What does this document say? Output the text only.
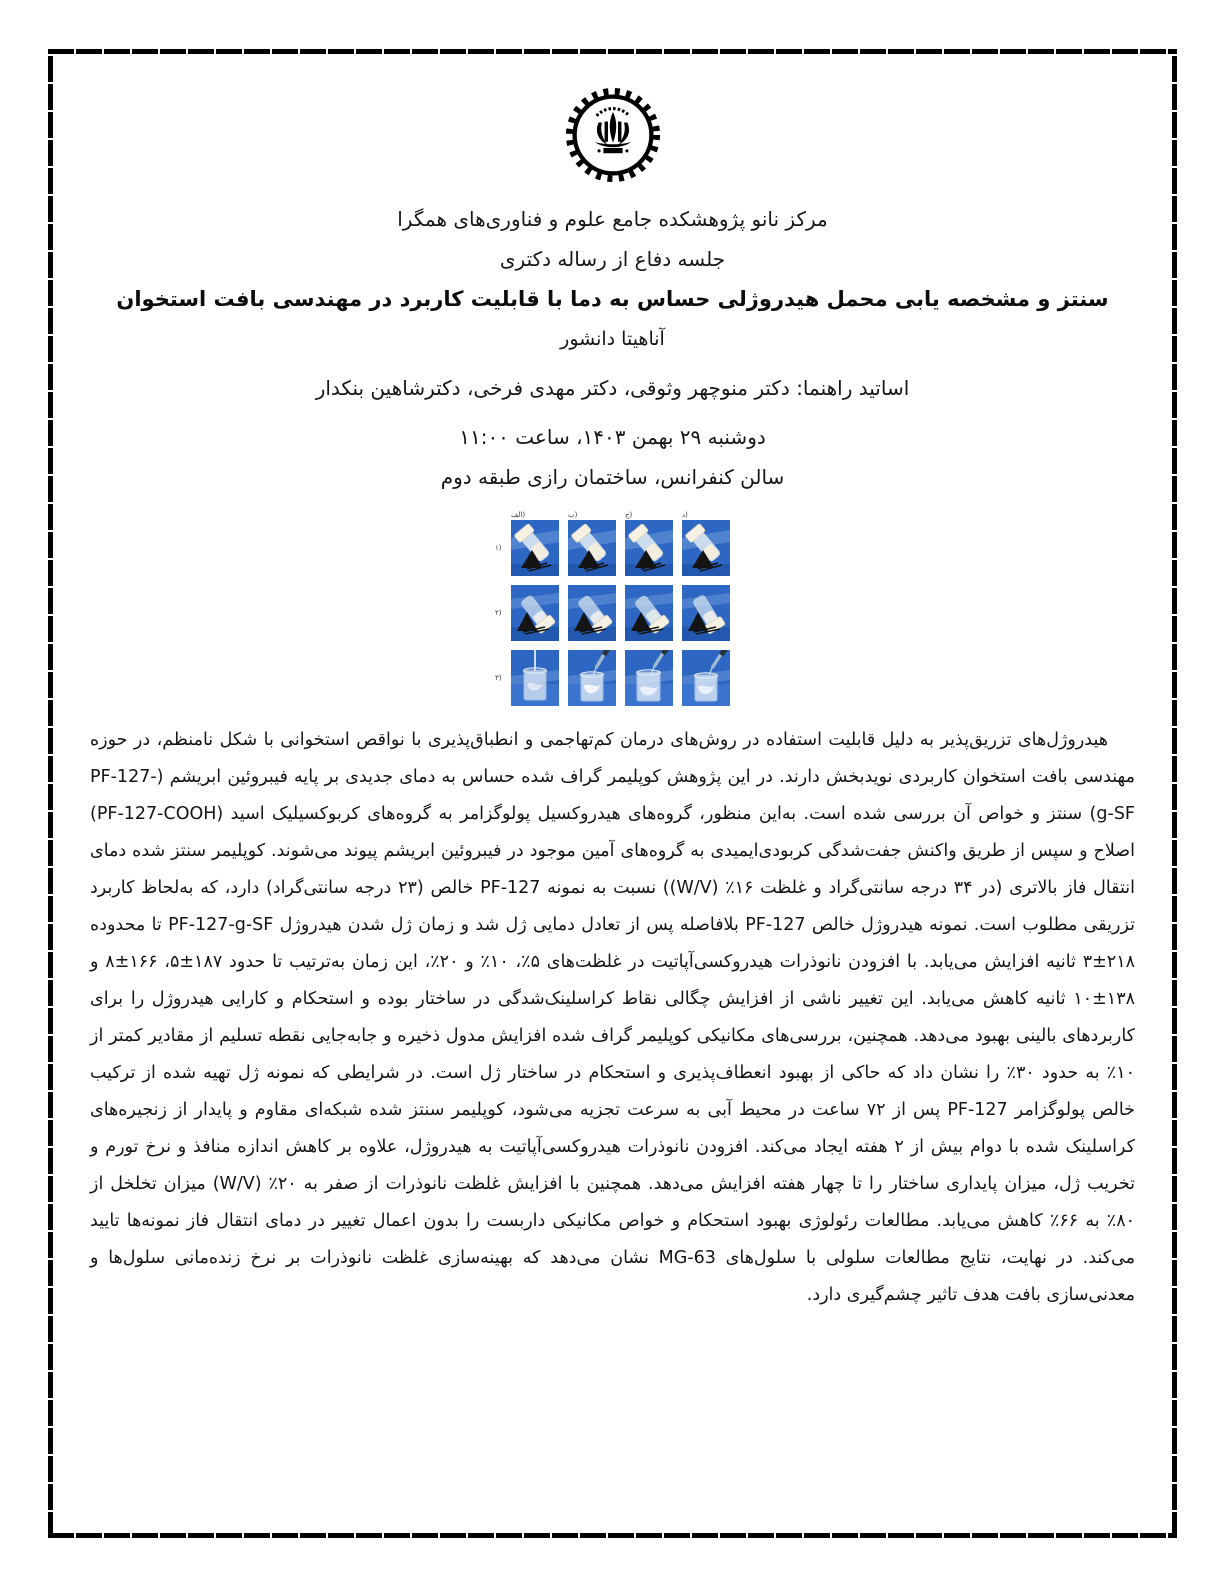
مرکز نانو پژوهشکده جامع علوم و فناوری‌های همگرا
جلسه دفاع از رساله دکتری
سنتز و مشخصه یابی محمل هیدروژلی حساس به دما با قابلیت کاربرد در مهندسی بافت استخوان
آناهیتا دانشور
اساتید راهنما: دکتر منوچهر وثوقی، دکتر مهدی فرخی، دکترشاهین بنکدار
دوشنبه ۲۹ بهمن ۱۴۰۳، ساعت ۱۱:۰۰
سالن کنفرانس، ساختمان رازی طبقه دوم
الف)	ب)	ج)	د)
۱)
۲)
۳)

هیدروژل‌های تزریق‌پذیر به دلیل قابلیت استفاده در روش‌های درمان کم‌تهاجمی و انطباق‌پذیری با نواقص استخوانی با شکل نامنظم، در حوزه مهندسی بافت استخوان کاربردی نویدبخش دارند. در این پژوهش کوپلیمر گراف شده حساس به دمای جدیدی بر پایه فیبروئین ابریشم (PF-127-g-SF) سنتز و خواص آن بررسی شده است. به‌این منظور، گروه‌های هیدروکسیل پولوگزامر به گروه‌های کربوکسیلیک اسید (PF-127-COOH) اصلاح و سپس از طریق واکنش جفت‌شدگی کربودی‌ایمیدی به گروه‌های آمین موجود در فیبروئین ابریشم پیوند می‌شوند. کوپلیمر سنتز شده دمای انتقال فاز بالاتری (در ۳۴ درجه سانتی‌گراد و غلظت ۱۶٪ (W/V)) نسبت به نمونه PF-127 خالص (۲۳ درجه سانتی‌گراد) دارد، که به‌لحاظ کاربرد تزریقی مطلوب است. نمونه هیدروژل خالص PF-127 بلافاصله پس از تعادل دمایی ژل شد و زمان ژل شدن هیدروژل PF-127-g-SF تا محدوده ۲۱۸±۳ ثانیه افزایش می‌یابد. با افزودن نانوذرات هیدروکسی‌آپاتیت در غلظت‌های ۵٪، ۱۰٪ و ۲۰٪، این زمان به‌ترتیب تا حدود ۱۸۷±۵، ۱۶۶±۸ و ۱۳۸±۱۰ ثانیه کاهش می‌یابد. این تغییر ناشی از افزایش چگالی نقاط کراسلینک‌شدگی در ساختار بوده و استحکام و کارایی هیدروژل را برای کاربردهای بالینی بهبود می‌دهد. همچنین، بررسی‌های مکانیکی کوپلیمر گراف شده افزایش مدول ذخیره و جابه‌جایی نقطه تسلیم از مقادیر کمتر از ۱۰٪ به حدود ۳۰٪ را نشان داد که حاکی از بهبود انعطاف‌پذیری و استحکام در ساختار ژل است. در شرایطی که نمونه ژل تهیه شده از ترکیب خالص پولوگزامر PF-127 پس از ۷۲ ساعت در محیط آبی به سرعت تجزیه می‌شود، کوپلیمر سنتز شده شبکه‌ای مقاوم و پایدار از زنجیره‌های کراسلینک شده با دوام بیش از ۲ هفته ایجاد می‌کند. افزودن نانوذرات هیدروکسی‌آپاتیت به هیدروژل، علاوه بر کاهش اندازه منافذ و نرخ تورم و تخریب ژل، میزان پایداری ساختار را تا چهار هفته افزایش می‌دهد. همچنین با افزایش غلظت نانوذرات از صفر به ۲۰٪ (W/V) میزان تخلخل از ۸۰٪ به ۶۶٪ کاهش می‌یابد. مطالعات رئولوژی بهبود استحکام و خواص مکانیکی داربست را بدون اعمال تغییر در دمای انتقال فاز نمونه‌ها تایید می‌کند. در نهایت، نتایج مطالعات سلولی با سلول‌های MG-63 نشان می‌دهد که بهینه‌سازی غلظت نانوذرات بر نرخ زنده‌مانی سلول‌ها و معدنی‌سازی بافت هدف تاثیر چشم‌گیری دارد.
